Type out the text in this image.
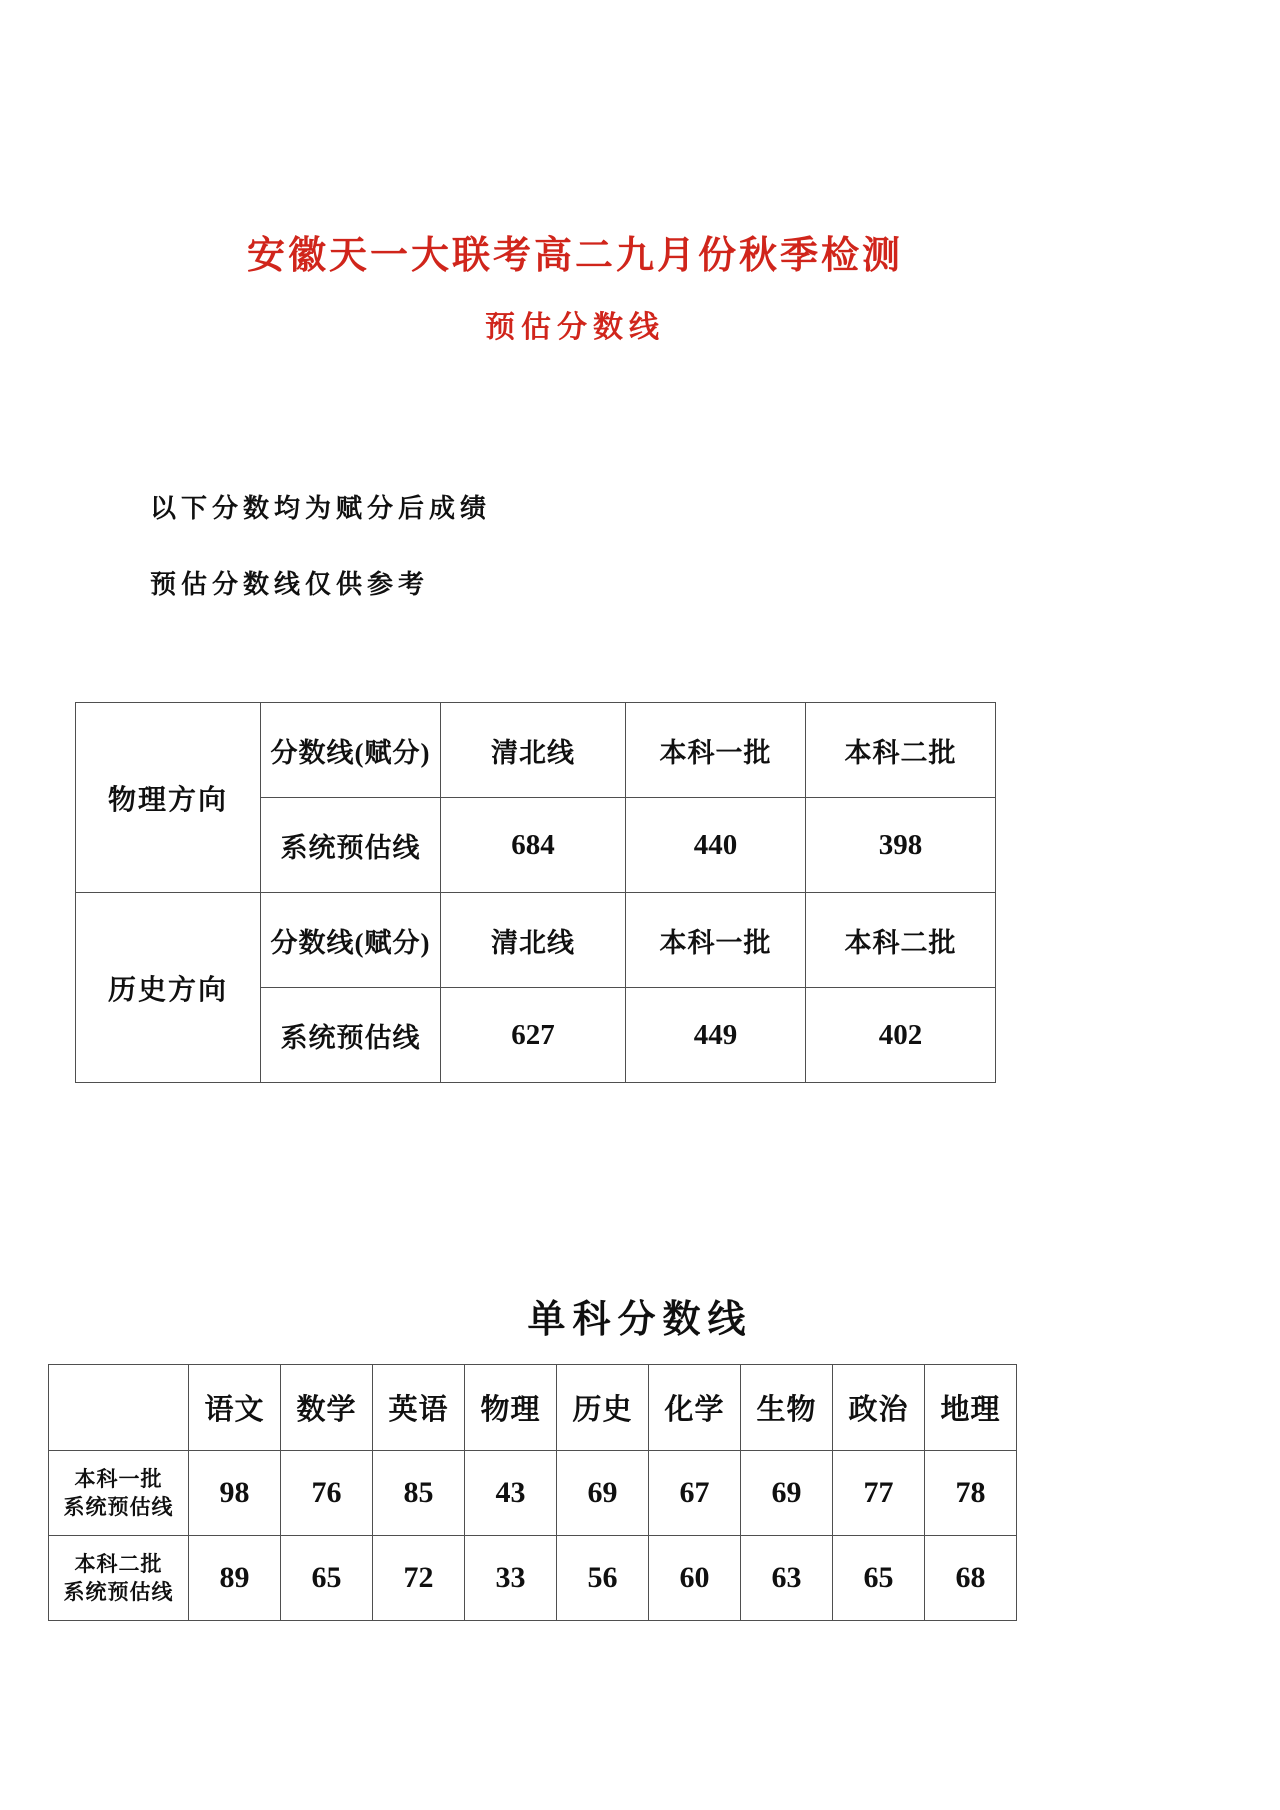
安徽天一大联考高二九月份秋季检测
预估分数线
以下分数均为赋分后成绩
预估分数线仅供参考
物理方向	分数线(赋分)	清北线	本科一批	本科二批
	系统预估线	684	440	398
历史方向	分数线(赋分)	清北线	本科一批	本科二批
	系统预估线	627	449	402
单科分数线
	语文	数学	英语	物理	历史	化学	生物	政治	地理

本科一批
系统预估线	98	76	85	43	69	67	69	77	78

本科二批
系统预估线	89	65	72	33	56	60	63	65	68
